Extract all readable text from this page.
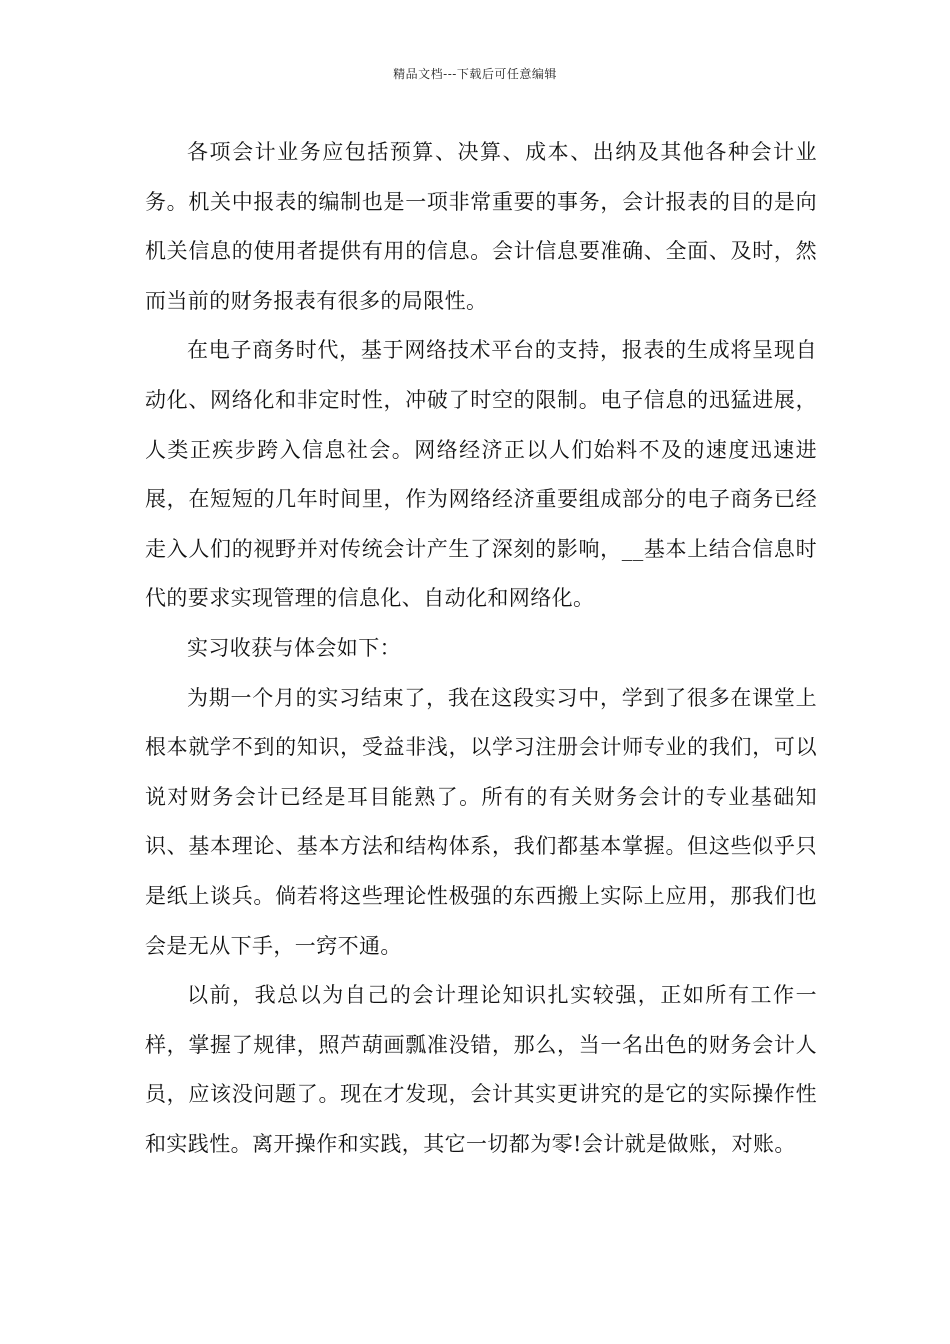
精品文档---下载后可任意编辑

各项会计业务应包括预算、决算、成本、出纳及其他各种会计业务。机关中报表的编制也是一项非常重要的事务，会计报表的目的是向机关信息的使用者提供有用的信息。会计信息要准确、全面、及时，然而当前的财务报表有很多的局限性。

在电子商务时代，基于网络技术平台的支持，报表的生成将呈现自动化、网络化和非定时性，冲破了时空的限制。电子信息的迅猛进展，人类正疾步跨入信息社会。网络经济正以人们始料不及的速度迅速进展，在短短的几年时间里，作为网络经济重要组成部分的电子商务已经走入人们的视野并对传统会计产生了深刻的影响，__基本上结合信息时代的要求实现管理的信息化、自动化和网络化。

实习收获与体会如下：

为期一个月的实习结束了，我在这段实习中，学到了很多在课堂上根本就学不到的知识，受益非浅，以学习注册会计师专业的我们，可以说对财务会计已经是耳目能熟了。所有的有关财务会计的专业基础知识、基本理论、基本方法和结构体系，我们都基本掌握。但这些似乎只是纸上谈兵。倘若将这些理论性极强的东西搬上实际上应用，那我们也会是无从下手，一窍不通。

以前，我总以为自己的会计理论知识扎实较强，正如所有工作一样，掌握了规律，照芦葫画瓢准没错，那么，当一名出色的财务会计人员，应该没问题了。现在才发现，会计其实更讲究的是它的实际操作性和实践性。离开操作和实践，其它一切都为零!会计就是做账，对账。
